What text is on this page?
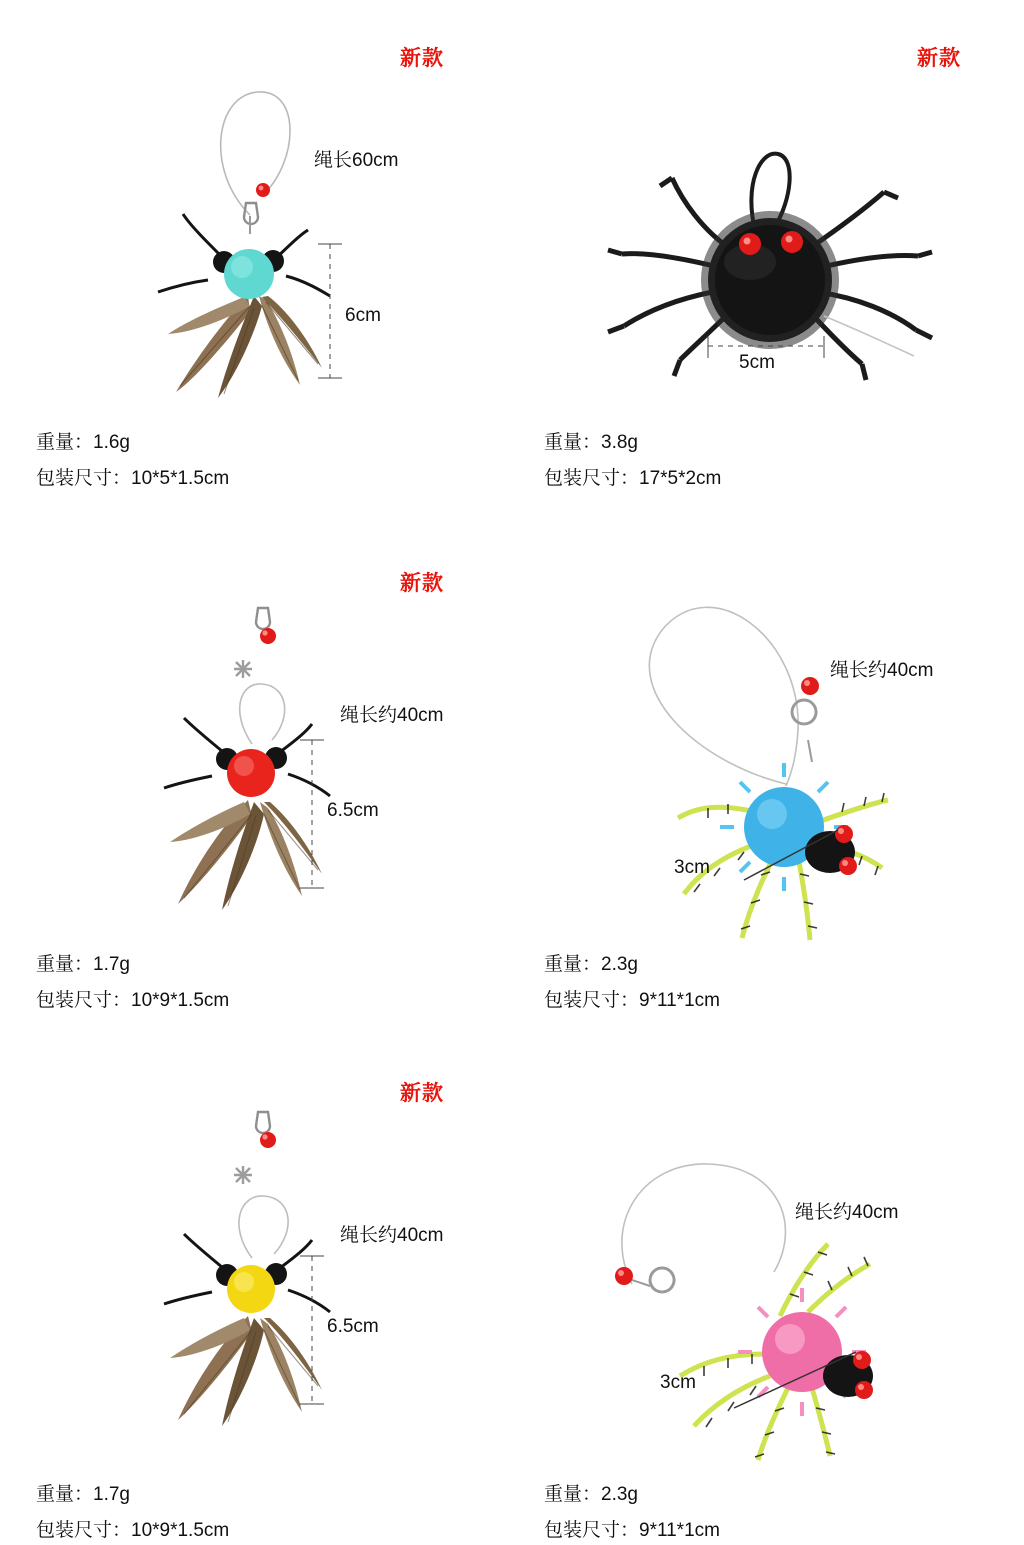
新款
绳长60cm
6cm
重量：1.6g
包装尺寸：10*5*1.5cm
新款
5cm
重量：3.8g
包装尺寸：17*5*2cm
新款
绳长约40cm
6.5cm
重量：1.7g
包装尺寸：10*9*1.5cm
绳长约40cm
3cm
重量：2.3g
包装尺寸：9*11*1cm
新款
绳长约40cm
6.5cm
重量：1.7g
包装尺寸：10*9*1.5cm
绳长约40cm
3cm
重量：2.3g
包装尺寸：9*11*1cm
